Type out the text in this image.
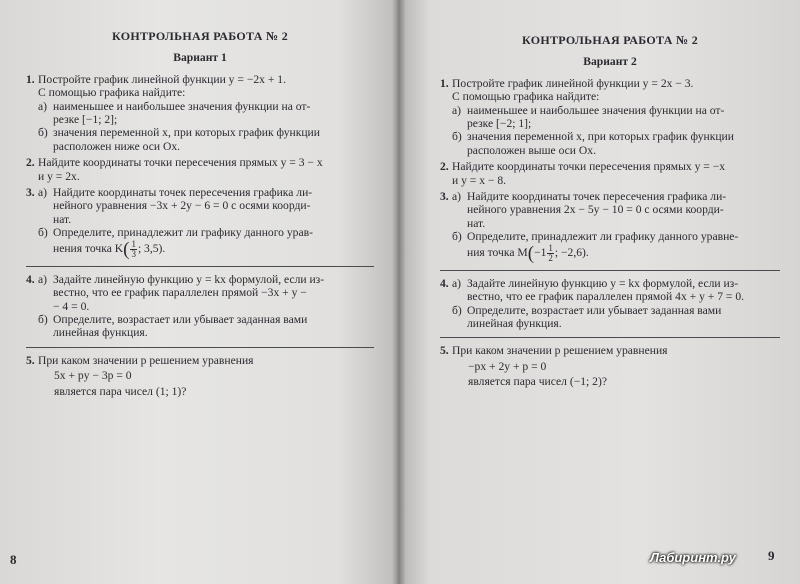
КОНТРОЛЬНАЯ РАБОТА № 2
Вариант 1
1. Постройте график линейной функции y = −2x + 1.
С помощью графика найдите:
а) наименьшее и наибольшее значения функции на от-
резке [−1; 2];
б) значения переменной x, при которых график функции
расположен ниже оси Ox.
2. Найдите координаты точки пересечения прямых y = 3 − x
и y = 2x.
3. а) Найдите координаты точек пересечения графика ли-
нейного уравнения −3x + 2y − 6 = 0 с осями коорди-
нат.
б) Определите, принадлежит ли графику данного урав-
нения точка $K( \frac{1}{3}$ ; 3,5).
4. а) Задайте линейную функцию y = kx формулой, если из-
вестно, что ее график параллелен прямой −3x + y −
− 4 = 0.
б) Определите, возрастает или убывает заданная вами
линейная функция.
5. При каком значении p решением уравнения
5x + py − 3p = 0
является пара чисел (1; 1)?
КОНТРОЛЬНАЯ РАБОТА № 2
Вариант 2
1. Постройте график линейной функции y = 2x − 3.
С помощью графика найдите:
а) наименьшее и наибольшее значения функции на от-
резке [−2; 1];
б) значения переменной x, при которых график функции
расположен выше оси Ox.
2. Найдите координаты точки пересечения прямых y = −x
и y = x − 8.
3. а) Найдите координаты точек пересечения графика ли-
нейного уравнения 2x − 5y − 10 = 0 с осями коорди-
нат.
б) Определите, принадлежит ли графику данного уравне-
ния точка $M(-1 \frac{1}{2}$ ; −2,6).
4. а) Задайте линейную функцию y = kx формулой, если из-
вестно, что ее график параллелен прямой 4x + y + 7 = 0.
б) Определите, возрастает или убывает заданная вами
линейная функция.
5. При каком значении p решением уравнения
−px + 2y + p = 0
является пара чисел (−1; 2)?
8	Лабиринт.ру 9
